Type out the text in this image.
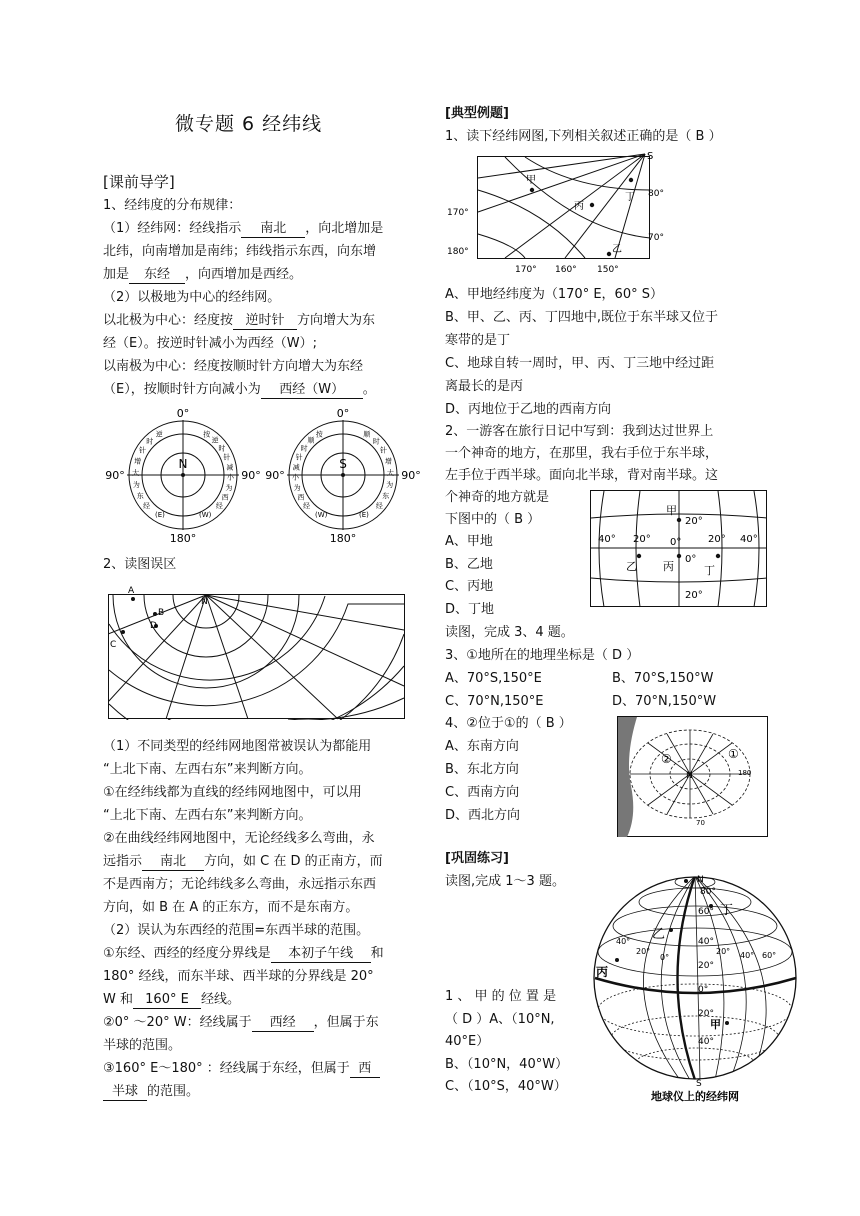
微专题 6 经纬线
[课前导学]
1、经纬度的分布规律：
（1）经纬网：经线指示 南北 ，向北增加是
北纬，向南增加是南纬；纬线指示东西，向东增
加是 东经 ，向西增加是西经。
（2）以极地为中心的经纬网。
以北极为中心：经度按 逆时针 方向增大为东
经（E）。按逆时针减小为西经（W）;
以南极为中心：经度按顺时针方向增大为东经
（E），按顺时针方向减小为 西经（W） 。
0°
N
90°	90°
180°
逆
时
针
增
大
为
东
经
按
逆
时
针
减
小
为
西
经
(E)	(W)
0°
S
90°	90°
180°
按
顺
时
针
减
小
为
西
经
顺
时
针
增
大
为
东
经
(W)	(E)
2、读图误区
A
B
D
C
N
（1）不同类型的经纬网地图常被误认为都能用
“上北下南、左西右东”来判断方向。
①在经纬线都为直线的经纬网地图中，可以用
“上北下南、左西右东”来判断方向。
②在曲线经纬网地图中，无论经线多么弯曲，永
远指示 南北 方向，如 C 在 D 的正南方，而
不是西南方；无论纬线多么弯曲，永远指示东西
方向，如 B 在 A 的正东方，而不是东南方。
（2）误认为东西经的范围=东西半球的范围。
①东经、西经的经度分界线是 本初子午线 和
180° 经线，而东半球、西半球的分界线是 20°
W 和 160° E 经线。
②0° ～20° W：经线属于 西经 ，但属于东
半球的范围。
③160° E～180° ：经线属于东经，但属于 西
半球 的范围。
[典型例题]
1、读下经纬网图,下列相关叙述正确的是（ B ）
S
甲
丙
丁
乙
170°
180°
80°
70°
170° 160° 150°
A、甲地经纬度为（170° E，60° S）
B、甲、乙、丙、丁四地中,既位于东半球又位于
寒带的是丁
C、地球自转一周时，甲、丙、丁三地中经过距
离最长的是丙
D、丙地位于乙地的西南方向
2、一游客在旅行日记中写到：我到达过世界上
一个神奇的地方，在那里，我右手位于东半球，
左手位于西半球。面向北半球，背对南半球。这
个神奇的地方就是
下图中的（ B ）
A、甲地
B、乙地
C、丙地
D、丁地
甲
乙 丙	丁
20°
0°
20°
40° 20° 0°	20° 40°
读图，完成 3、4 题。
3、①地所在的地理坐标是（ D ）
A、70°S,150°E	B、70°S,150°W
C、70°N,150°E	D、70°N,150°W
4、②位于①的（ B ）
A、东南方向
B、东北方向
C、西南方向
D、西北方向
N
②	①
180
70
[巩固练习]
读图,完成 1～3 题。
1 、 甲 的 位 置 是
（ D ）A、（10°N,
40°E）
B、（10°N，40°W）
C、（10°S，40°W）
N
S
乙
丙
丁
甲
80°
60°
40°
20°
0°
20°
40°
40°
20°
0°
20° 40° 60°
地球仪上的经纬网
